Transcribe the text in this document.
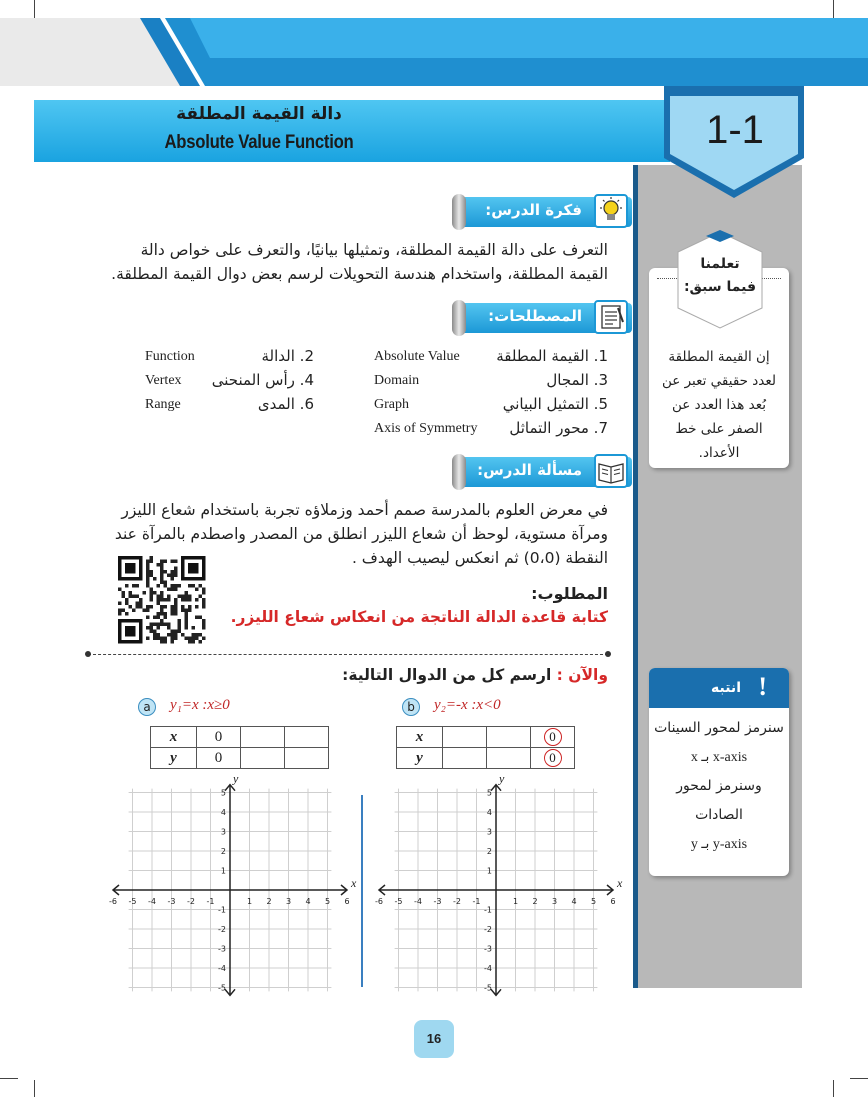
دالة القيمة المطلقة
Absolute Value Function	1-1
فكرة الدرس:
التعرف على دالة القيمة المطلقة، وتمثيلها بيانيًا، والتعرف على خواص دالة القيمة المطلقة، واستخدام هندسة التحويلات لرسم بعض دوال القيمة المطلقة.
المصطلحات:
1. القيمة المطلقة
Absolute Value
2. الدالة
Function
3. المجال
Domain
4. رأس المنحنى
Vertex
5. التمثيل البياني
Graph
6. المدى
Range
7. محور التماثل
Axis of Symmetry
مسألة الدرس:
في معرض العلوم بالمدرسة صمم أحمد وزملاؤه تجربة باستخدام شعاع الليزر ومرآة مستوية، لوحظ أن شعاع الليزر انطلق من المصدر واصطدم بالمرآة عند النقطة (0،0) ثم انعكس ليصيب الهدف .
المطلوب:
كتابة قاعدة الدالة الناتجة من انعكاس شعاع الليزر.
والآن : ارسم كل من الدوال التالية:
a	y₁=x :x≥0
x	0		
y	0		
b	y₂=-x :x<0
x			0
y			0
-6 -5 -4 -3 -2 -1	1 2 3 4 5 6
5
4
3
2
1
-1
-2
-3
-4
-5
x
y
-6 -5 -4 -3 -2 -1	1 2 3 4 5 6
5
4
3
2
1
-1
-2
-3
-4
-5
x
y
إن القيمة المطلقة لعدد حقيقي تعبر عن بُعد هذا العدد عن الصفر على خط الأعداد.
تعلمنا
فيما سبق:
!
انتبه
سنرمز لمحور السينات
x-axis بـ x
وسنرمز لمحور
الصادات
y-axis بـ y
16
